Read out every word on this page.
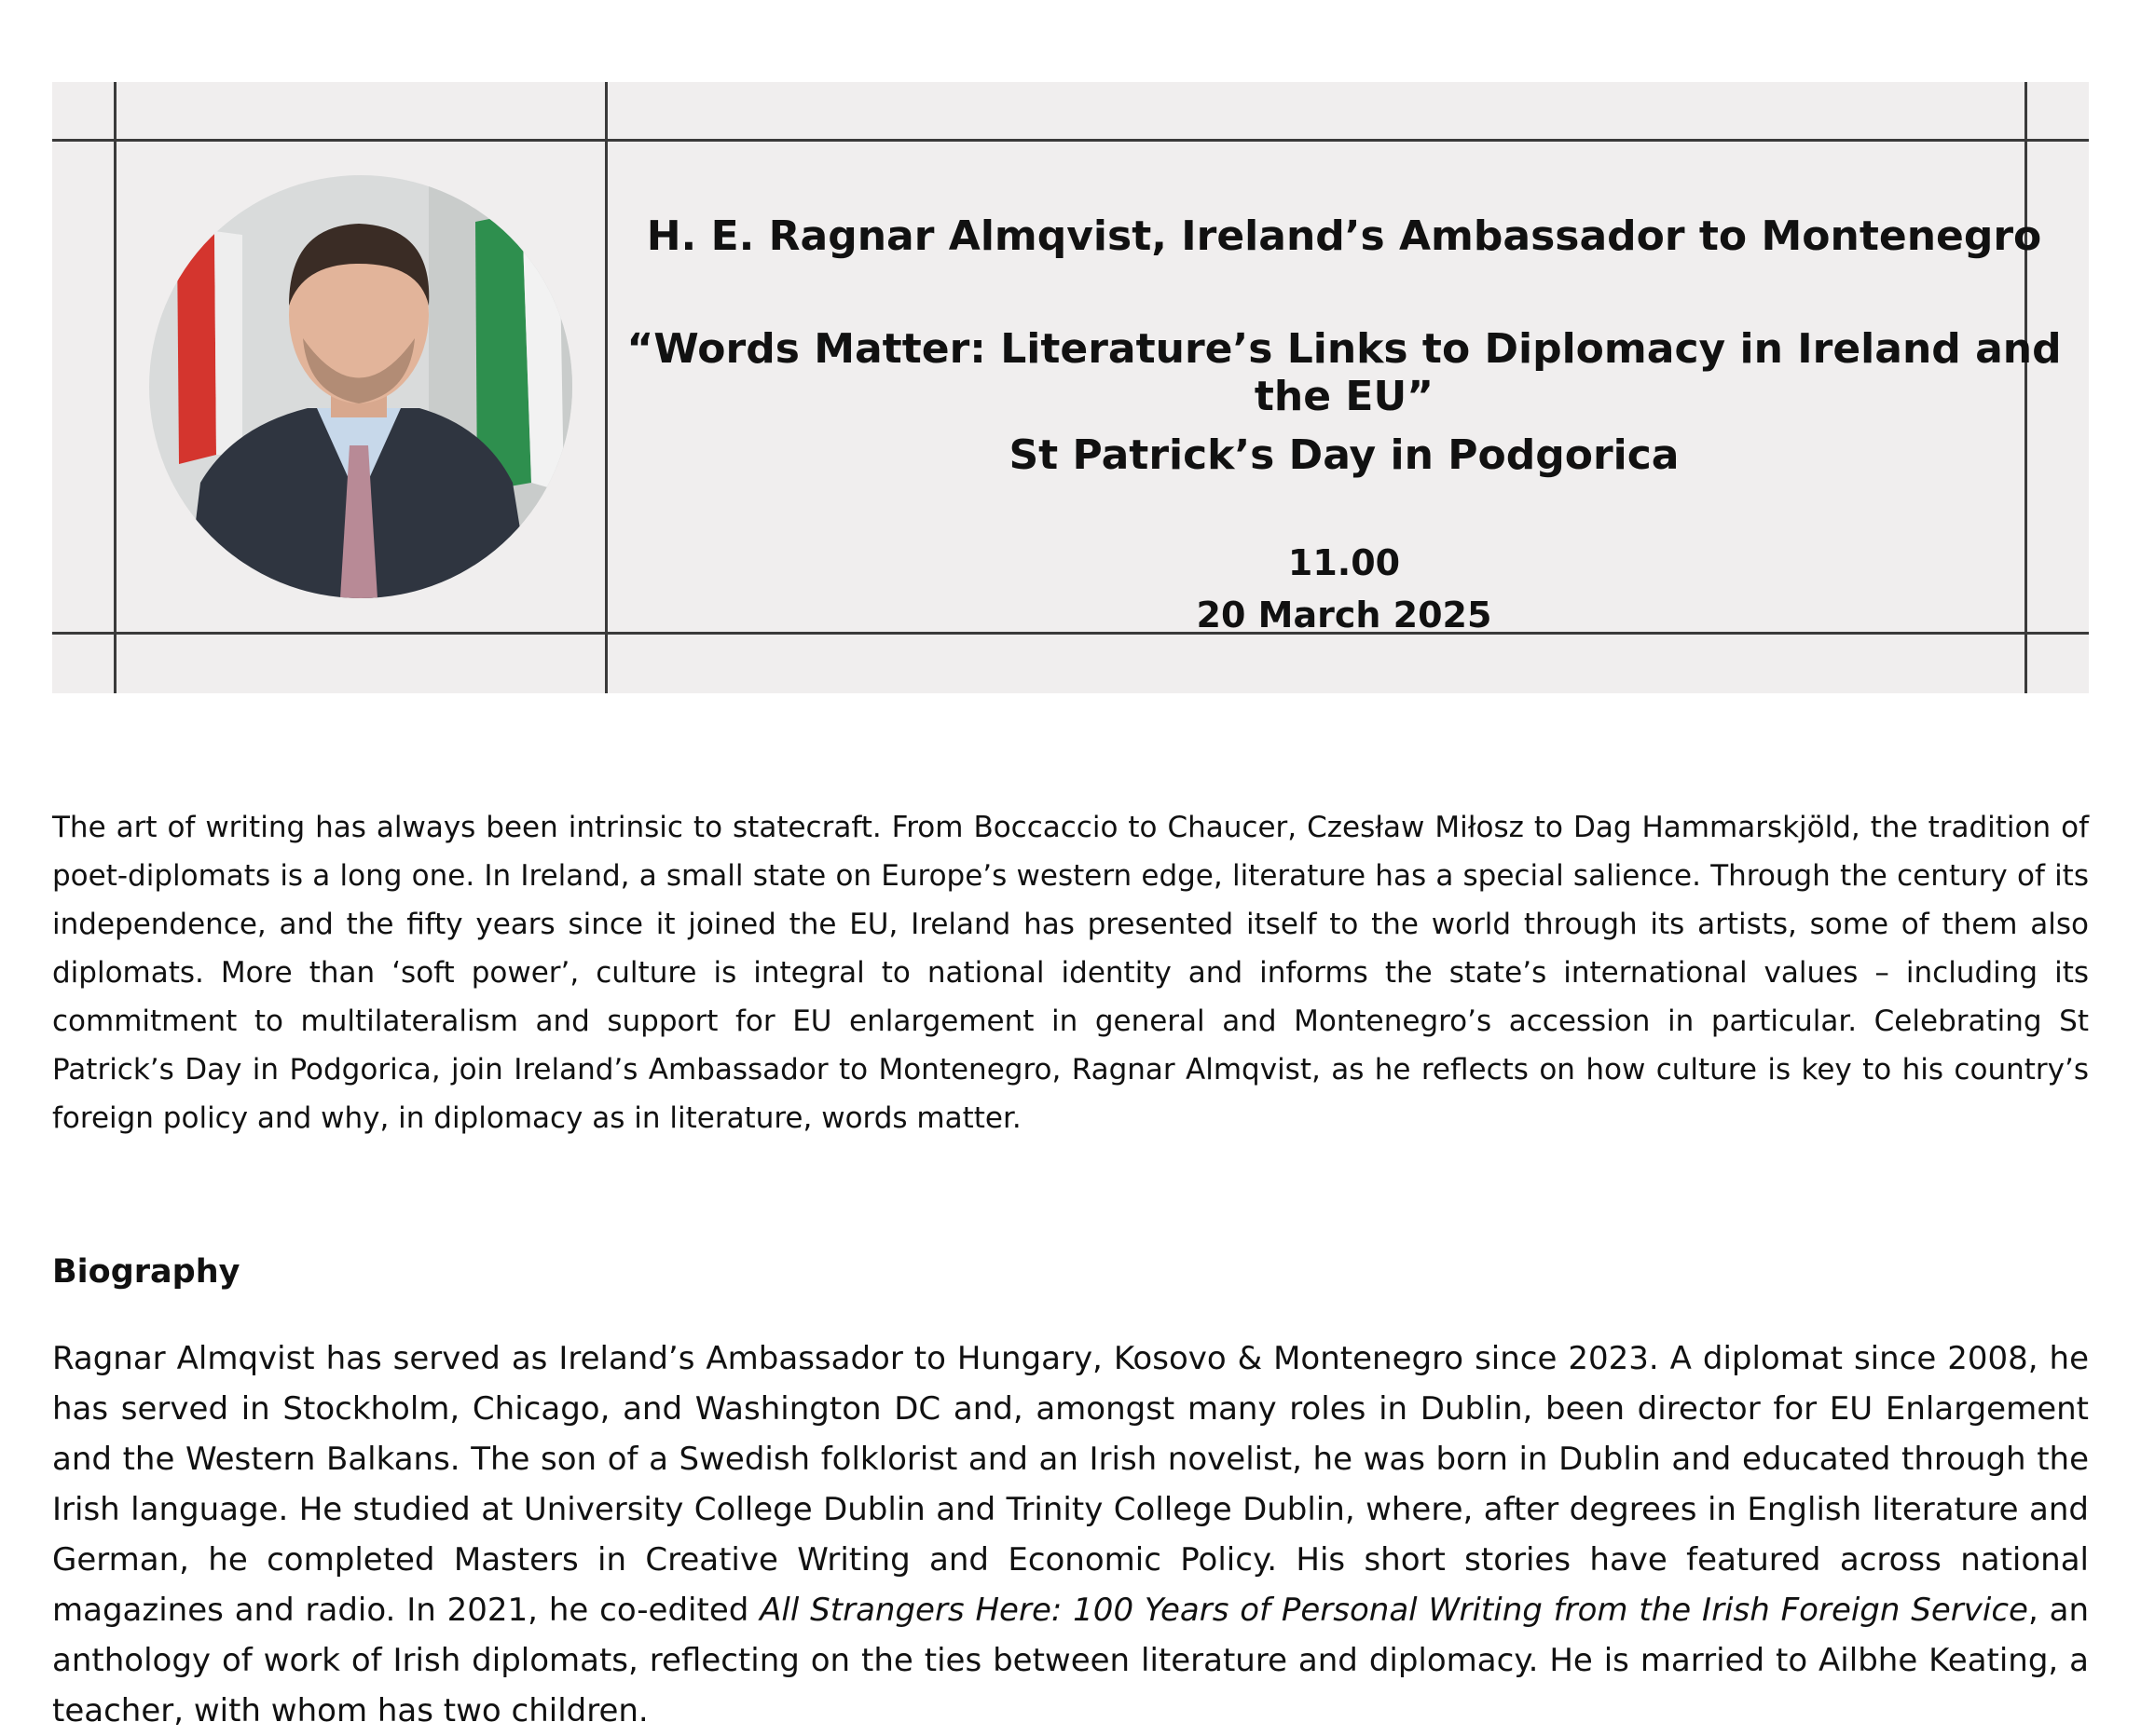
H. E. Ragnar Almqvist, Ireland’s Ambassador to Montenegro
“Words Matter: Literature’s Links to Diplomacy in Ireland and the EU”
St Patrick’s Day in Podgorica
11.00
20 March 2025

The art of writing has always been intrinsic to statecraft. From Boccaccio to Chaucer, Czesław Miłosz to Dag Hammarskjöld, the tradition of poet-diplomats is a long one. In Ireland, a small state on Europe’s western edge, literature has a special salience. Through the century of its independence, and the fifty years since it joined the EU, Ireland has presented itself to the world through its artists, some of them also diplomats. More than ‘soft power’, culture is integral to national identity and informs the state’s international values – including its commitment to multilateralism and support for EU enlargement in general and Montenegro’s accession in particular. Celebrating St Patrick’s Day in Podgorica, join Ireland’s Ambassador to Montenegro, Ragnar Almqvist, as he reflects on how culture is key to his country’s foreign policy and why, in diplomacy as in literature, words matter.

Biography

Ragnar Almqvist has served as Ireland’s Ambassador to Hungary, Kosovo & Montenegro since 2023. A diplomat since 2008, he has served in Stockholm, Chicago, and Washington DC and, amongst many roles in Dublin, been director for EU Enlargement and the Western Balkans. The son of a Swedish folklorist and an Irish novelist, he was born in Dublin and educated through the Irish language. He studied at University College Dublin and Trinity College Dublin, where, after degrees in English literature and German, he completed Masters in Creative Writing and Economic Policy. His short stories have featured across national magazines and radio. In 2021, he co-edited All Strangers Here: 100 Years of Personal Writing from the Irish Foreign Service, an anthology of work of Irish diplomats, reflecting on the ties between literature and diplomacy. He is married to Ailbhe Keating, a teacher, with whom has two children.
